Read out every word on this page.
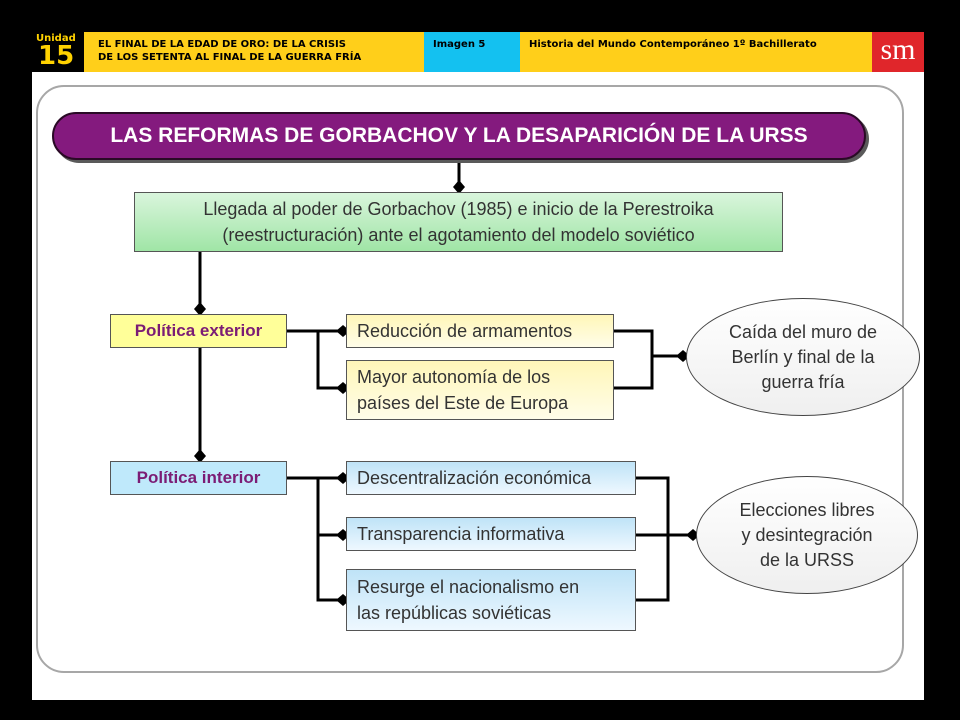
Unidad
15 EL FINAL DE LA EDAD DE ORO: DE LA CRISIS
DE LOS SETENTA AL FINAL DE LA GUERRA FRÍA
Imagen 5	Historia del Mundo Contemporáneo 1º Bachillerato	sm
LAS REFORMAS DE GORBACHOV Y LA DESAPARICIÓN DE LA URSS
Llegada al poder de Gorbachov (1985) e inicio de la Perestroika
(reestructuración) ante el agotamiento del modelo soviético
Política exterior	Reducción de armamentos
Mayor autonomía de los
países del Este de Europa
Caída del muro de
Berlín y final de la
guerra fría
Política interior	Descentralización económica
Transparencia informativa
Resurge el nacionalismo en
las repúblicas soviéticas
Elecciones libres
y desintegración
de la URSS
